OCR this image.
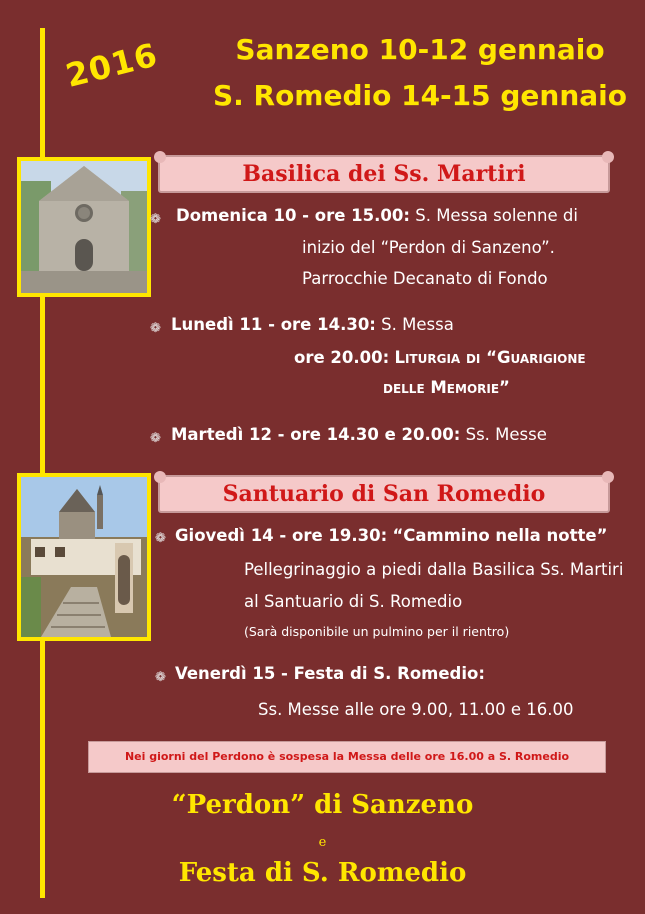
2016	Sanzeno 10-12 gennaio
S. Romedio 14-15 gennaio
Basilica dei Ss. Martiri
❁ Domenica 10 - ore 15.00: S. Messa solenne di
inizio del “Perdon di Sanzeno”.
Parrocchie Decanato di Fondo
❁ Lunedì 11 - ore 14.30: S. Messa
ore 20.00: Liturgia di “Guarigione
delle Memorie”
❁ Martedì 12 - ore 14.30 e 20.00: Ss. Messe
Santuario di San Romedio
❁ Giovedì 14 - ore 19.30: “Cammino nella notte”
Pellegrinaggio a piedi dalla Basilica Ss. Martiri
al Santuario di S. Romedio
(Sarà disponibile un pulmino per il rientro)
❁ Venerdì 15 - Festa di S. Romedio:
Ss. Messe alle ore 9.00, 11.00 e 16.00
Nei giorni del Perdono è sospesa la Messa delle ore 16.00 a S. Romedio
“Perdon” di Sanzeno
e
Festa di S. Romedio
